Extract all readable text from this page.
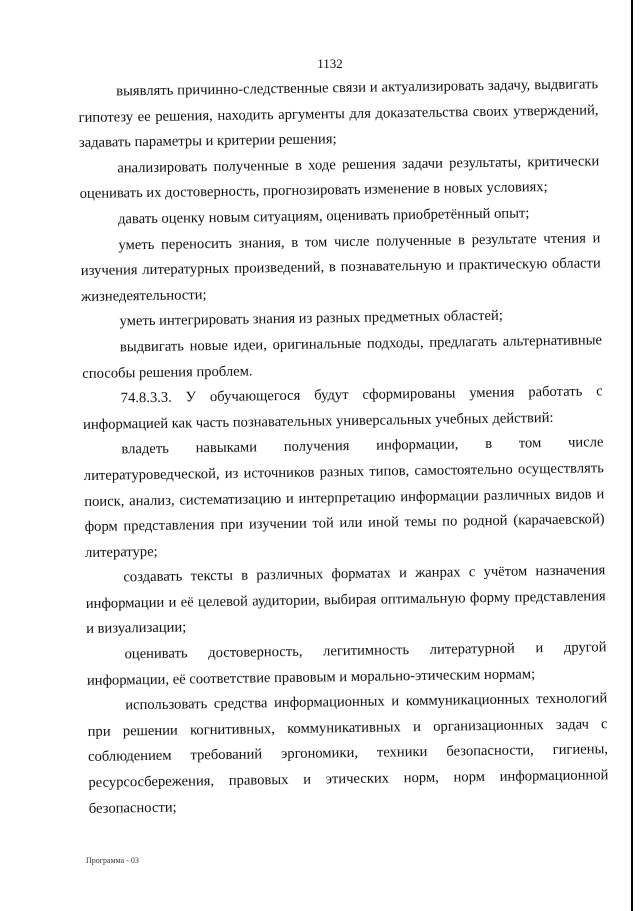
1132

выявлять причинно-следственные связи и актуализировать задачу, выдвигать гипотезу ее решения, находить аргументы для доказательства своих утверждений, задавать параметры и критерии решения;

анализировать полученные в ходе решения задачи результаты, критически оценивать их достоверность, прогнозировать изменение в новых условиях;

давать оценку новым ситуациям, оценивать приобретённый опыт;

уметь переносить знания, в том числе полученные в результате чтения и изучения литературных произведений, в познавательную и практическую области жизнедеятельности;

уметь интегрировать знания из разных предметных областей;

выдвигать новые идеи, оригинальные подходы, предлагать альтернативные способы решения проблем.

74.8.3.3. У обучающегося будут сформированы умения работать с информацией как часть познавательных универсальных учебных действий:

владеть навыками получения информации, в том числе литературоведческой, из источников разных типов, самостоятельно осуществлять поиск, анализ, систематизацию и интерпретацию информации различных видов и форм представления при изучении той или иной темы по родной (карачаевской) литературе;

создавать тексты в различных форматах и жанрах с учётом назначения информации и её целевой аудитории, выбирая оптимальную форму представления и визуализации;

оценивать достоверность, легитимность литературной и другой информации, её соответствие правовым и морально-этическим нормам;

использовать средства информационных и коммуникационных технологий при решении когнитивных, коммуникативных и организационных задач с соблюдением требований эргономики, техники безопасности, гигиены, ресурсосбережения, правовых и этических норм, норм информационной безопасности;

Программа - 03
